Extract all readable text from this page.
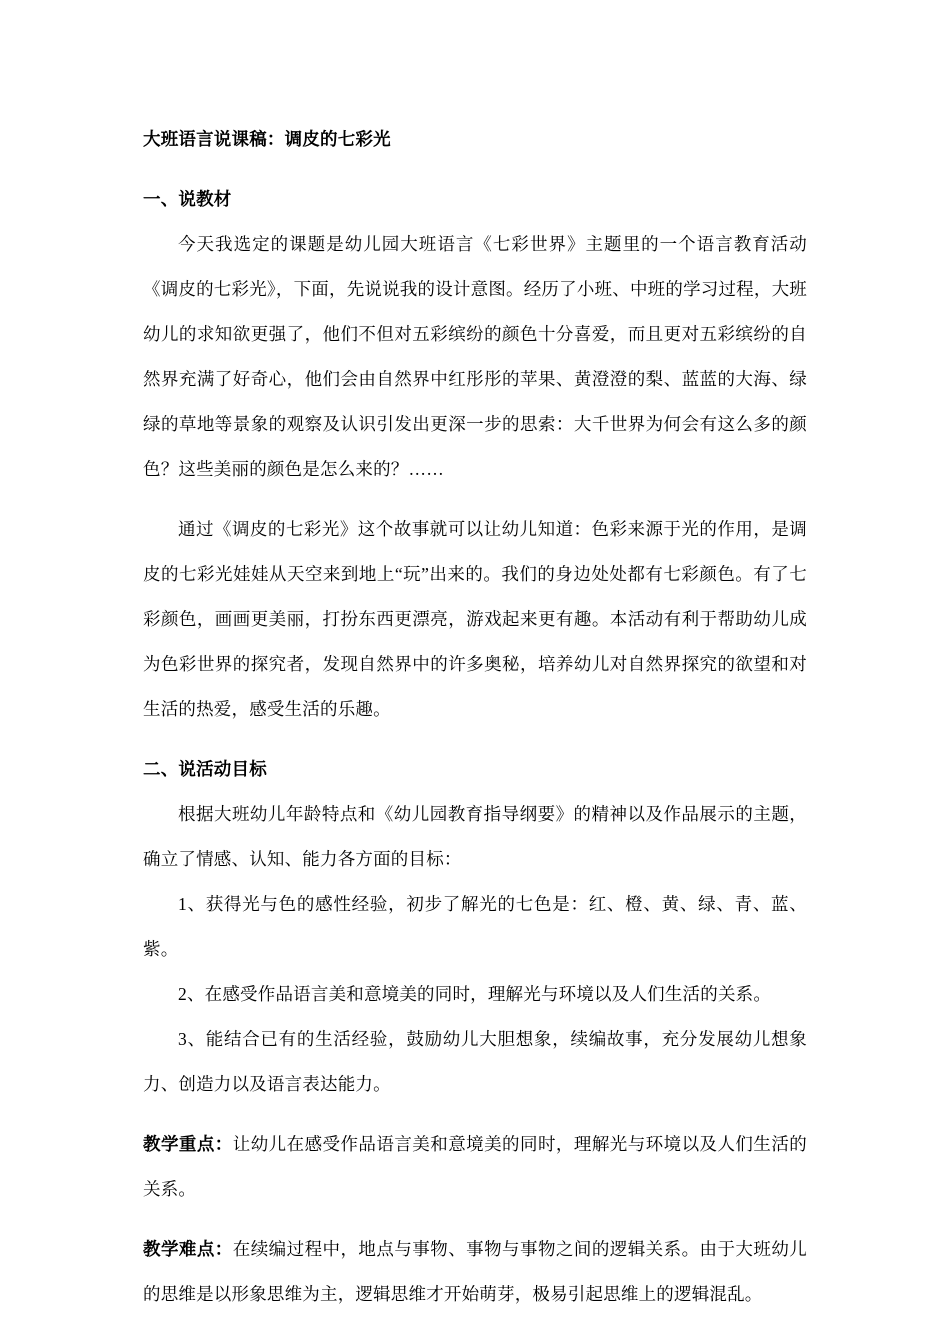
大班语言说课稿：调皮的七彩光

一、说教材

今天我选定的课题是幼儿园大班语言《七彩世界》主题里的一个语言教育活动《调皮的七彩光》，下面，先说说我的设计意图。经历了小班、中班的学习过程，大班幼儿的求知欲更强了，他们不但对五彩缤纷的颜色十分喜爱，而且更对五彩缤纷的自然界充满了好奇心，他们会由自然界中红彤彤的苹果、黄澄澄的梨、蓝蓝的大海、绿绿的草地等景象的观察及认识引发出更深一步的思索：大千世界为何会有这么多的颜色？这些美丽的颜色是怎么来的？……

通过《调皮的七彩光》这个故事就可以让幼儿知道：色彩来源于光的作用，是调皮的七彩光娃娃从天空来到地上“玩”出来的。我们的身边处处都有七彩颜色。有了七彩颜色，画画更美丽，打扮东西更漂亮，游戏起来更有趣。本活动有利于帮助幼儿成为色彩世界的探究者，发现自然界中的许多奥秘，培养幼儿对自然界探究的欲望和对生活的热爱，感受生活的乐趣。

二、说活动目标

根据大班幼儿年龄特点和《幼儿园教育指导纲要》的精神以及作品展示的主题，确立了情感、认知、能力各方面的目标：

1、获得光与色的感性经验，初步了解光的七色是：红、橙、黄、绿、青、蓝、紫。

2、在感受作品语言美和意境美的同时，理解光与环境以及人们生活的关系。

3、能结合已有的生活经验，鼓励幼儿大胆想象，续编故事，充分发展幼儿想象力、创造力以及语言表达能力。

教学重点：让幼儿在感受作品语言美和意境美的同时，理解光与环境以及人们生活的关系。

教学难点：在续编过程中，地点与事物、事物与事物之间的逻辑关系。由于大班幼儿的思维是以形象思维为主，逻辑思维才开始萌芽，极易引起思维上的逻辑混乱。
